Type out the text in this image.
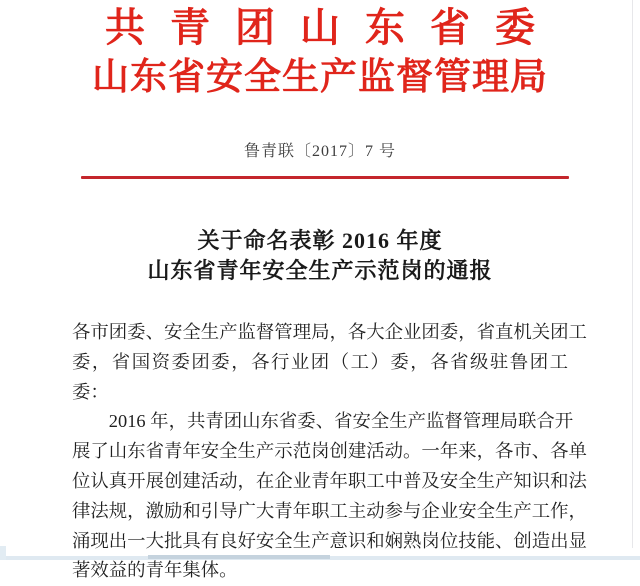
共青团山东省委
山东省安全生产监督管理局
鲁青联〔2017〕7 号
关于命名表彰 2016 年度
山东省青年安全生产示范岗的通报
各市团委、安全生产监督管理局，各大企业团委，省直机关团工
委，省国资委团委，各行业团（工）委，各省级驻鲁团工委：
2016 年，共青团山东省委、省安全生产监督管理局联合开
展了山东省青年安全生产示范岗创建活动。一年来，各市、各单
位认真开展创建活动，在企业青年职工中普及安全生产知识和法
律法规，激励和引导广大青年职工主动参与企业安全生产工作，
涌现出一大批具有良好安全生产意识和娴熟岗位技能、创造出显
著效益的青年集体。
